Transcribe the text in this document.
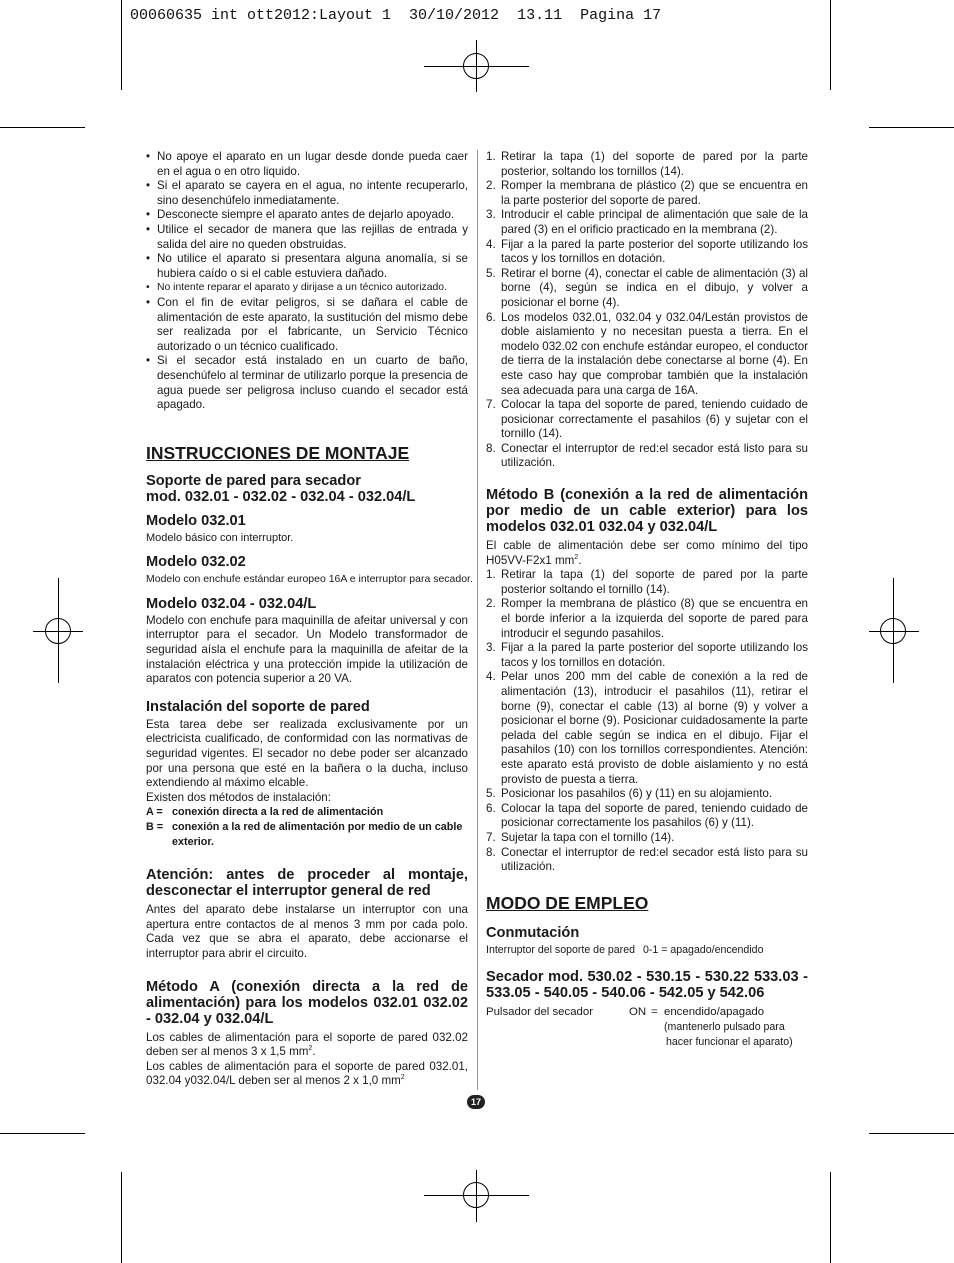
00060635 int ott2012:Layout 1  30/10/2012  13.11  Pagina 17
• No apoye el aparato en un lugar desde donde pueda caer en el agua o en otro liquido.
• Si el aparato se cayera en el agua, no intente recuperarlo, sino desenchúfelo inmediatamente.
• Desconecte siempre el aparato antes de dejarlo apoyado.
• Utilice el secador de manera que las rejillas de entrada y salida del aire no queden obstruidas.
• No utilice el aparato si presentara alguna anomalía, si se hubiera caído o si el cable estuviera dañado.
• No intente reparar el aparato y dirijase a un técnico autorizado.
• Con el fin de evitar peligros, si se dañara el cable de alimentación de este aparato, la sustitución del mismo debe ser realizada por el fabricante, un Servicio Técnico autorizado o un técnico cualificado.
• Si el secador está instalado en un cuarto de baño, desenchúfelo al terminar de utilizarlo porque la presencia de agua puede ser peligrosa incluso cuando el secador está apagado.
INSTRUCCIONES DE MONTAJE
Soporte de pared para secador
mod. 032.01 - 032.02 - 032.04 - 032.04/L
Modelo 032.01

Modelo básico con interruptor.

Modelo 032.02

Modelo con enchufe estándar europeo 16A e interruptor para secador.

Modelo 032.04 - 032.04/L

Modelo con enchufe para maquinilla de afeitar universal y con interruptor para el secador. Un Modelo transformador de seguridad aísla el enchufe para la maquinilla de afeitar de la instalación eléctrica y una protección impide la utilización de aparatos con potencia superior a 20 VA.

Instalación del soporte de pared

Esta tarea debe ser realizada exclusivamente por un electricista cualificado, de conformidad con las normativas de seguridad vigentes. El secador no debe poder ser alcanzado por una persona que esté en la bañera o la ducha, incluso extendiendo al máximo elcable.

Existen dos métodos de instalación:

A = conexión directa a la red de alimentación
B = conexión a la red de alimentación por medio de un cable exterior.
Atención: antes de proceder al montaje, desconectar el interruptor general de red

Antes del aparato debe instalarse un interruptor con una apertura entre contactos de al menos 3 mm por cada polo. Cada vez que se abra el aparato, debe accionarse el interruptor para abrir el circuito.

Método A (conexión directa a la red de alimentación) para los modelos 032.01 032.02 - 032.04 y 032.04/L

Los cables de alimentación para el soporte de pared 032.02 deben ser al menos 3 x 1,5 $mm^2$.

Los cables de alimentación para el soporte de pared 032.01, 032.04 y032.04/L deben ser al menos 2 x 1,0 $mm^2$

1. Retirar la tapa (1) del soporte de pared por la parte posterior, soltando los tornillos (14).
2. Romper la membrana de plástico (2) que se encuentra en la parte posterior del soporte de pared.
3. Introducir el cable principal de alimentación que sale de la pared (3) en el orificio practicado en la membrana (2).
4. Fijar a la pared la parte posterior del soporte utilizando los tacos y los tornillos en dotación.
5. Retirar el borne (4), conectar el cable de alimentación (3) al borne (4), según se indica en el dibujo, y volver a posicionar el borne (4).
6. Los modelos 032.01, 032.04 y 032.04/Lestán provistos de doble aislamiento y no necesitan puesta a tierra. En el modelo 032.02 con enchufe estándar europeo, el conductor de tierra de la instalación debe conectarse al borne (4). En este caso hay que comprobar también que la instalación sea adecuada para una carga de 16A.
7. Colocar la tapa del soporte de pared, teniendo cuidado de posicionar correctamente el pasahilos (6) y sujetar con el tornillo (14).
8. Conectar el interruptor de red:el secador está listo para su utilización.
Método B (conexión a la red de alimentación por medio de un cable exterior) para los modelos 032.01 032.04 y 032.04/L

El cable de alimentación debe ser como mínimo del tipo H05VV-F2x1 $mm^2$.

1. Retirar la tapa (1) del soporte de pared por la parte posterior soltando el tornillo (14).
2. Romper la membrana de plástico (8) que se encuentra en el borde inferior a la izquierda del soporte de pared para introducir el segundo pasahilos.
3. Fijar a la pared la parte posterior del soporte utilizando los tacos y los tornillos en dotación.
4. Pelar unos 200 mm del cable de conexión a la red de alimentación (13), introducir el pasahilos (11), retirar el borne (9), conectar el cable (13) al borne (9) y volver a posicionar el borne (9). Posicionar cuidadosamente la parte pelada del cable según se indica en el dibujo. Fijar el pasahilos (10) con los tornillos correspondientes. Atención: este aparato está provisto de doble aislamiento y no está provisto de puesta a tierra.
5. Posicionar los pasahilos (6) y (11) en su alojamiento.
6. Colocar la tapa del soporte de pared, teniendo cuidado de posicionar correctamente los pasahilos (6) y (11).
7. Sujetar la tapa con el tornillo (14).
8. Conectar el interruptor de red:el secador está listo para su utilización.
MODO DE EMPLEO
Conmutación
Interruptor del soporte de pared 0-1 = apagado/encendido
Secador mod. 530.02 - 530.15 - 530.22 533.03 - 533.05 - 540.05 - 540.06 - 542.05 y 542.06
Pulsador del secador	ON = encendido/apagado
(mantenerlo pulsado para
hacer funcionar el aparato)
17
